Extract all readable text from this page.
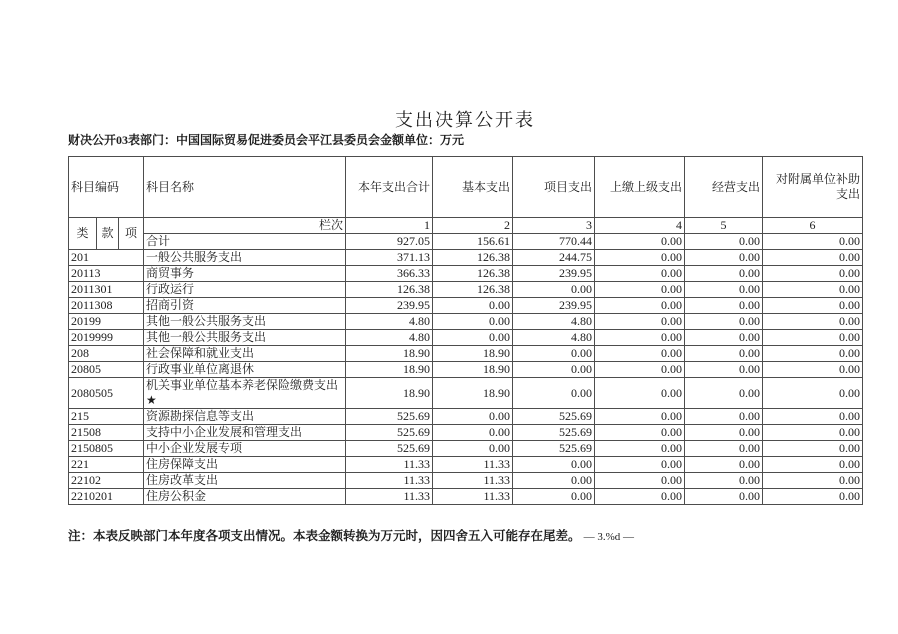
支出决算公开表
财决公开03表部门：中国国际贸易促进委员会平江县委员会金额单位：万元
科目编码			科目名称	本年支出合计	基本支出	项目支出	上缴上级支出	经营支出	对附属单位补助支出
类	款	项	栏次	1	2	3	4	5	6
			合计	927.05	156.61	770.44	0.00	0.00	0.00
201			一般公共服务支出	371.13	126.38	244.75	0.00	0.00	0.00
20113			商贸事务	366.33	126.38	239.95	0.00	0.00	0.00
2011301			行政运行	126.38	126.38	0.00	0.00	0.00	0.00
2011308			招商引资	239.95	0.00	239.95	0.00	0.00	0.00
20199			其他一般公共服务支出	4.80	0.00	4.80	0.00	0.00	0.00
2019999			其他一般公共服务支出	4.80	0.00	4.80	0.00	0.00	0.00
208			社会保障和就业支出	18.90	18.90	0.00	0.00	0.00	0.00
20805			行政事业单位离退休	18.90	18.90	0.00	0.00	0.00	0.00
2080505			机关事业单位基本养老保险缴费支出
★	18.90	18.90	0.00	0.00	0.00	0.00
215			资源勘探信息等支出	525.69	0.00	525.69	0.00	0.00	0.00
21508			支持中小企业发展和管理支出	525.69	0.00	525.69	0.00	0.00	0.00
2150805			中小企业发展专项	525.69	0.00	525.69	0.00	0.00	0.00
221			住房保障支出	11.33	11.33	0.00	0.00	0.00	0.00
22102			住房改革支出	11.33	11.33	0.00	0.00	0.00	0.00
2210201			住房公积金	11.33	11.33	0.00	0.00	0.00	0.00
注：本表反映部门本年度各项支出情况。本表金额转换为万元时，因四舍五入可能存在尾差。 — 3.%d —
